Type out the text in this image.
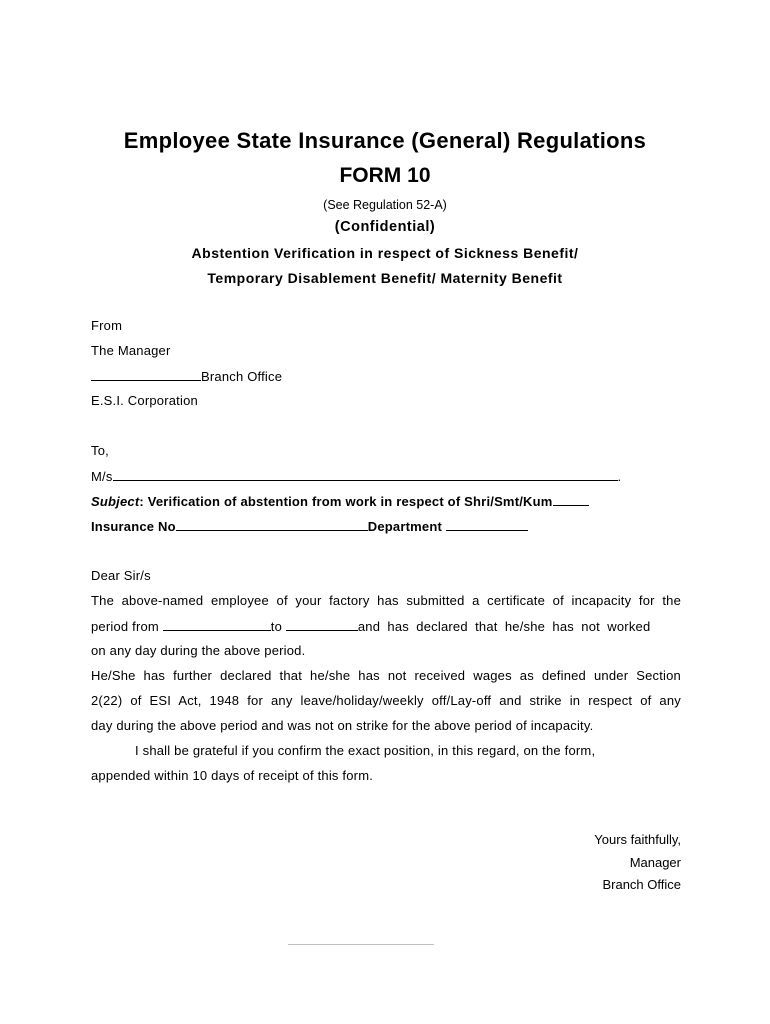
Employee State Insurance (General) Regulations
FORM 10
(See Regulation 52-A)
(Confidential)
Abstention Verification in respect of Sickness Benefit/
Temporary Disablement Benefit/ Maternity Benefit
From
The Manager
Branch Office
E.S.I. Corporation
To,
M/s	.
Subject: Verification of abstention from work in respect of Shri/Smt/Kum
Insurance No	Department
Dear Sir/s
The above-named employee of your factory has submitted a certificate of incapacity for the
period from	to	and has declared that he/she has not worked
on any day during the above period.
He/She has further declared that he/she has not received wages as defined under Section
2(22) of ESI Act, 1948 for any leave/holiday/weekly off/Lay-off and strike in respect of any
day during the above period and was not on strike for the above period of incapacity.
I shall be grateful if you confirm the exact position, in this regard, on the form,
appended within 10 days of receipt of this form.
Yours faithfully,
Manager
Branch Office
